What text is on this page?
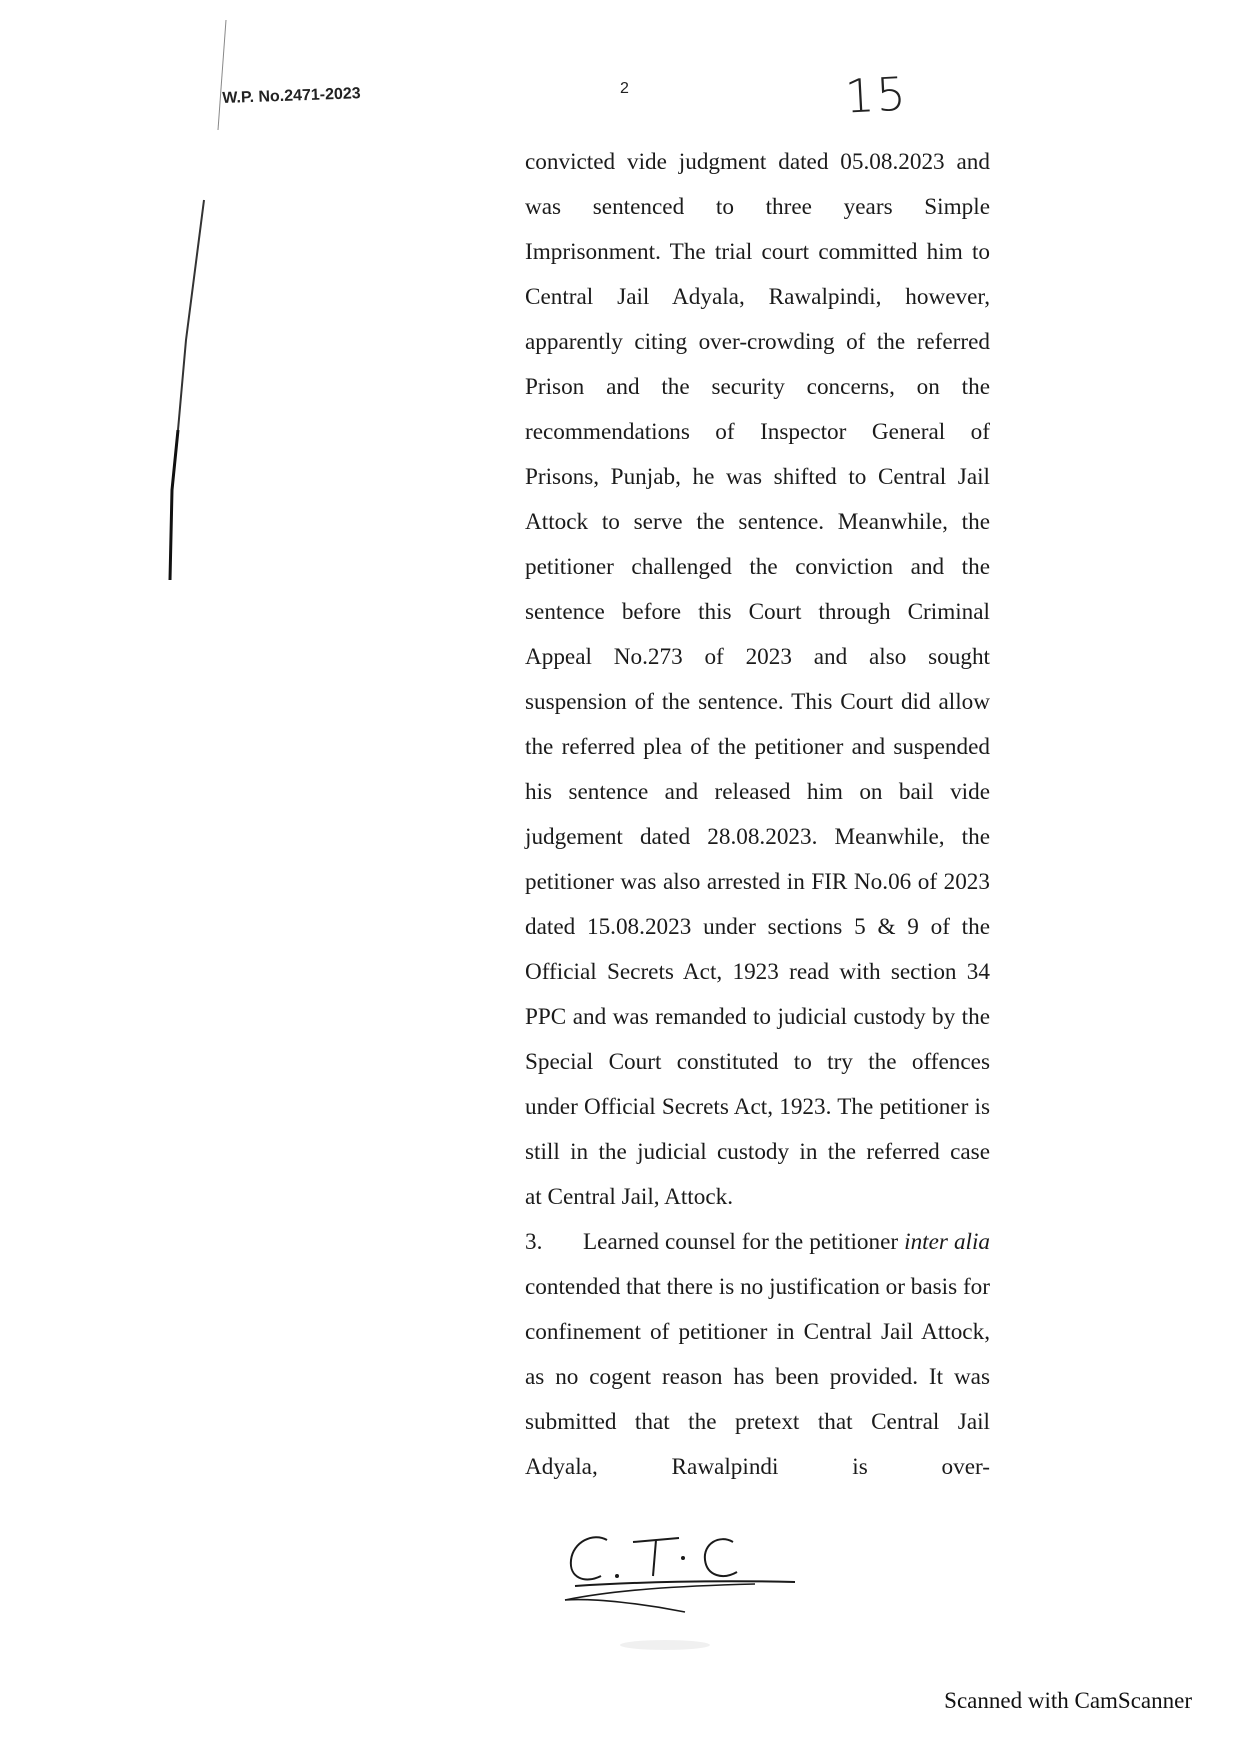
W.P. No.2471-2023	2	15

convicted vide judgment dated 05.08.2023 and was sentenced to three years Simple Imprisonment. The trial court committed him to Central Jail Adyala, Rawalpindi, however, apparently citing over-crowding of the referred Prison and the security concerns, on the recommendations of Inspector General of Prisons, Punjab, he was shifted to Central Jail Attock to serve the sentence. Meanwhile, the petitioner challenged the conviction and the sentence before this Court through Criminal Appeal No.273 of 2023 and also sought suspension of the sentence. This Court did allow the referred plea of the petitioner and suspended his sentence and released him on bail vide judgement dated 28.08.2023. Meanwhile, the petitioner was also arrested in FIR No.06 of 2023 dated 15.08.2023 under sections 5 & 9 of the Official Secrets Act, 1923 read with section 34 PPC and was remanded to judicial custody by the Special Court constituted to try the offences under Official Secrets Act, 1923. The petitioner is still in the judicial custody in the referred case

at Central Jail, Attock.

3. Learned counsel for the petitioner inter alia contended that there is no justification or basis for confinement of petitioner in Central Jail Attock, as no cogent reason has been provided. It was submitted that the pretext that Central Jail Adyala, Rawalpindi is over-

Scanned with CamScanner
